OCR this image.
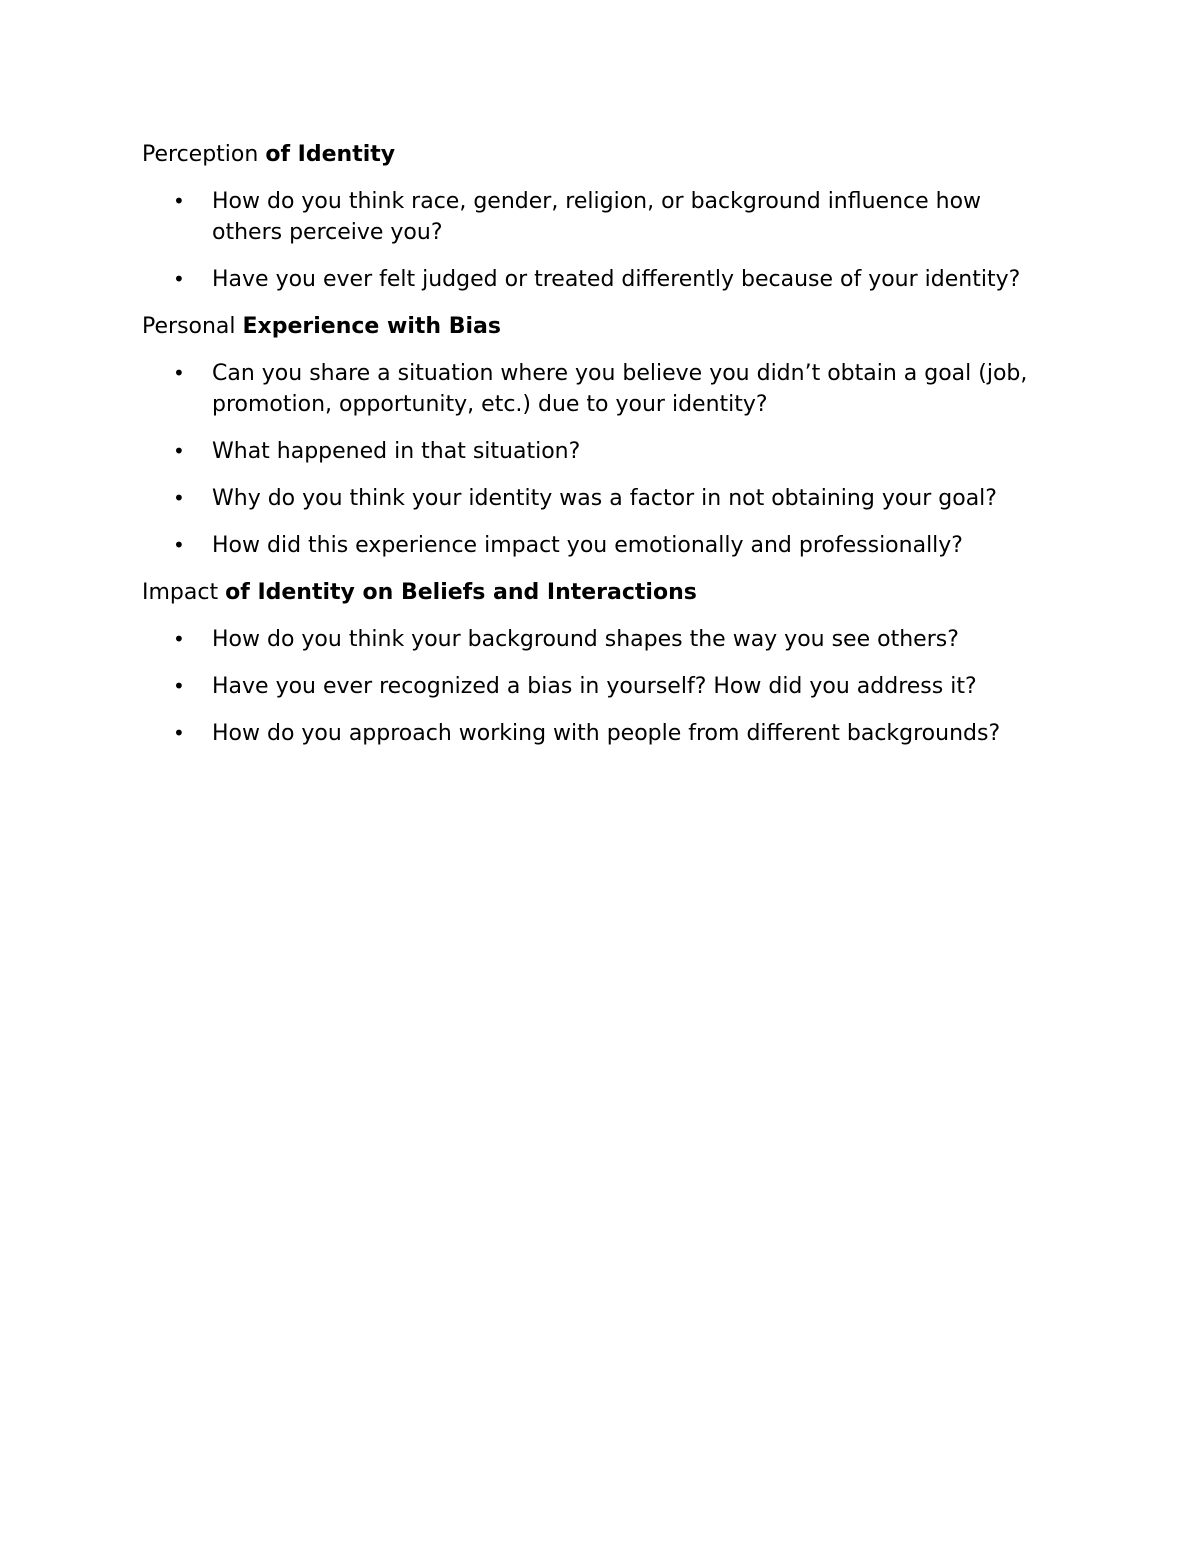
Perception of Identity
• How do you think race, gender, religion, or background influence how others perceive you?
• Have you ever felt judged or treated differently because of your identity?
Personal Experience with Bias
• Can you share a situation where you believe you didn’t obtain a goal (job, promotion, opportunity, etc.) due to your identity?
• What happened in that situation?
• Why do you think your identity was a factor in not obtaining your goal?
• How did this experience impact you emotionally and professionally?
Impact of Identity on Beliefs and Interactions
• How do you think your background shapes the way you see others?
• Have you ever recognized a bias in yourself? How did you address it?
• How do you approach working with people from different backgrounds?
